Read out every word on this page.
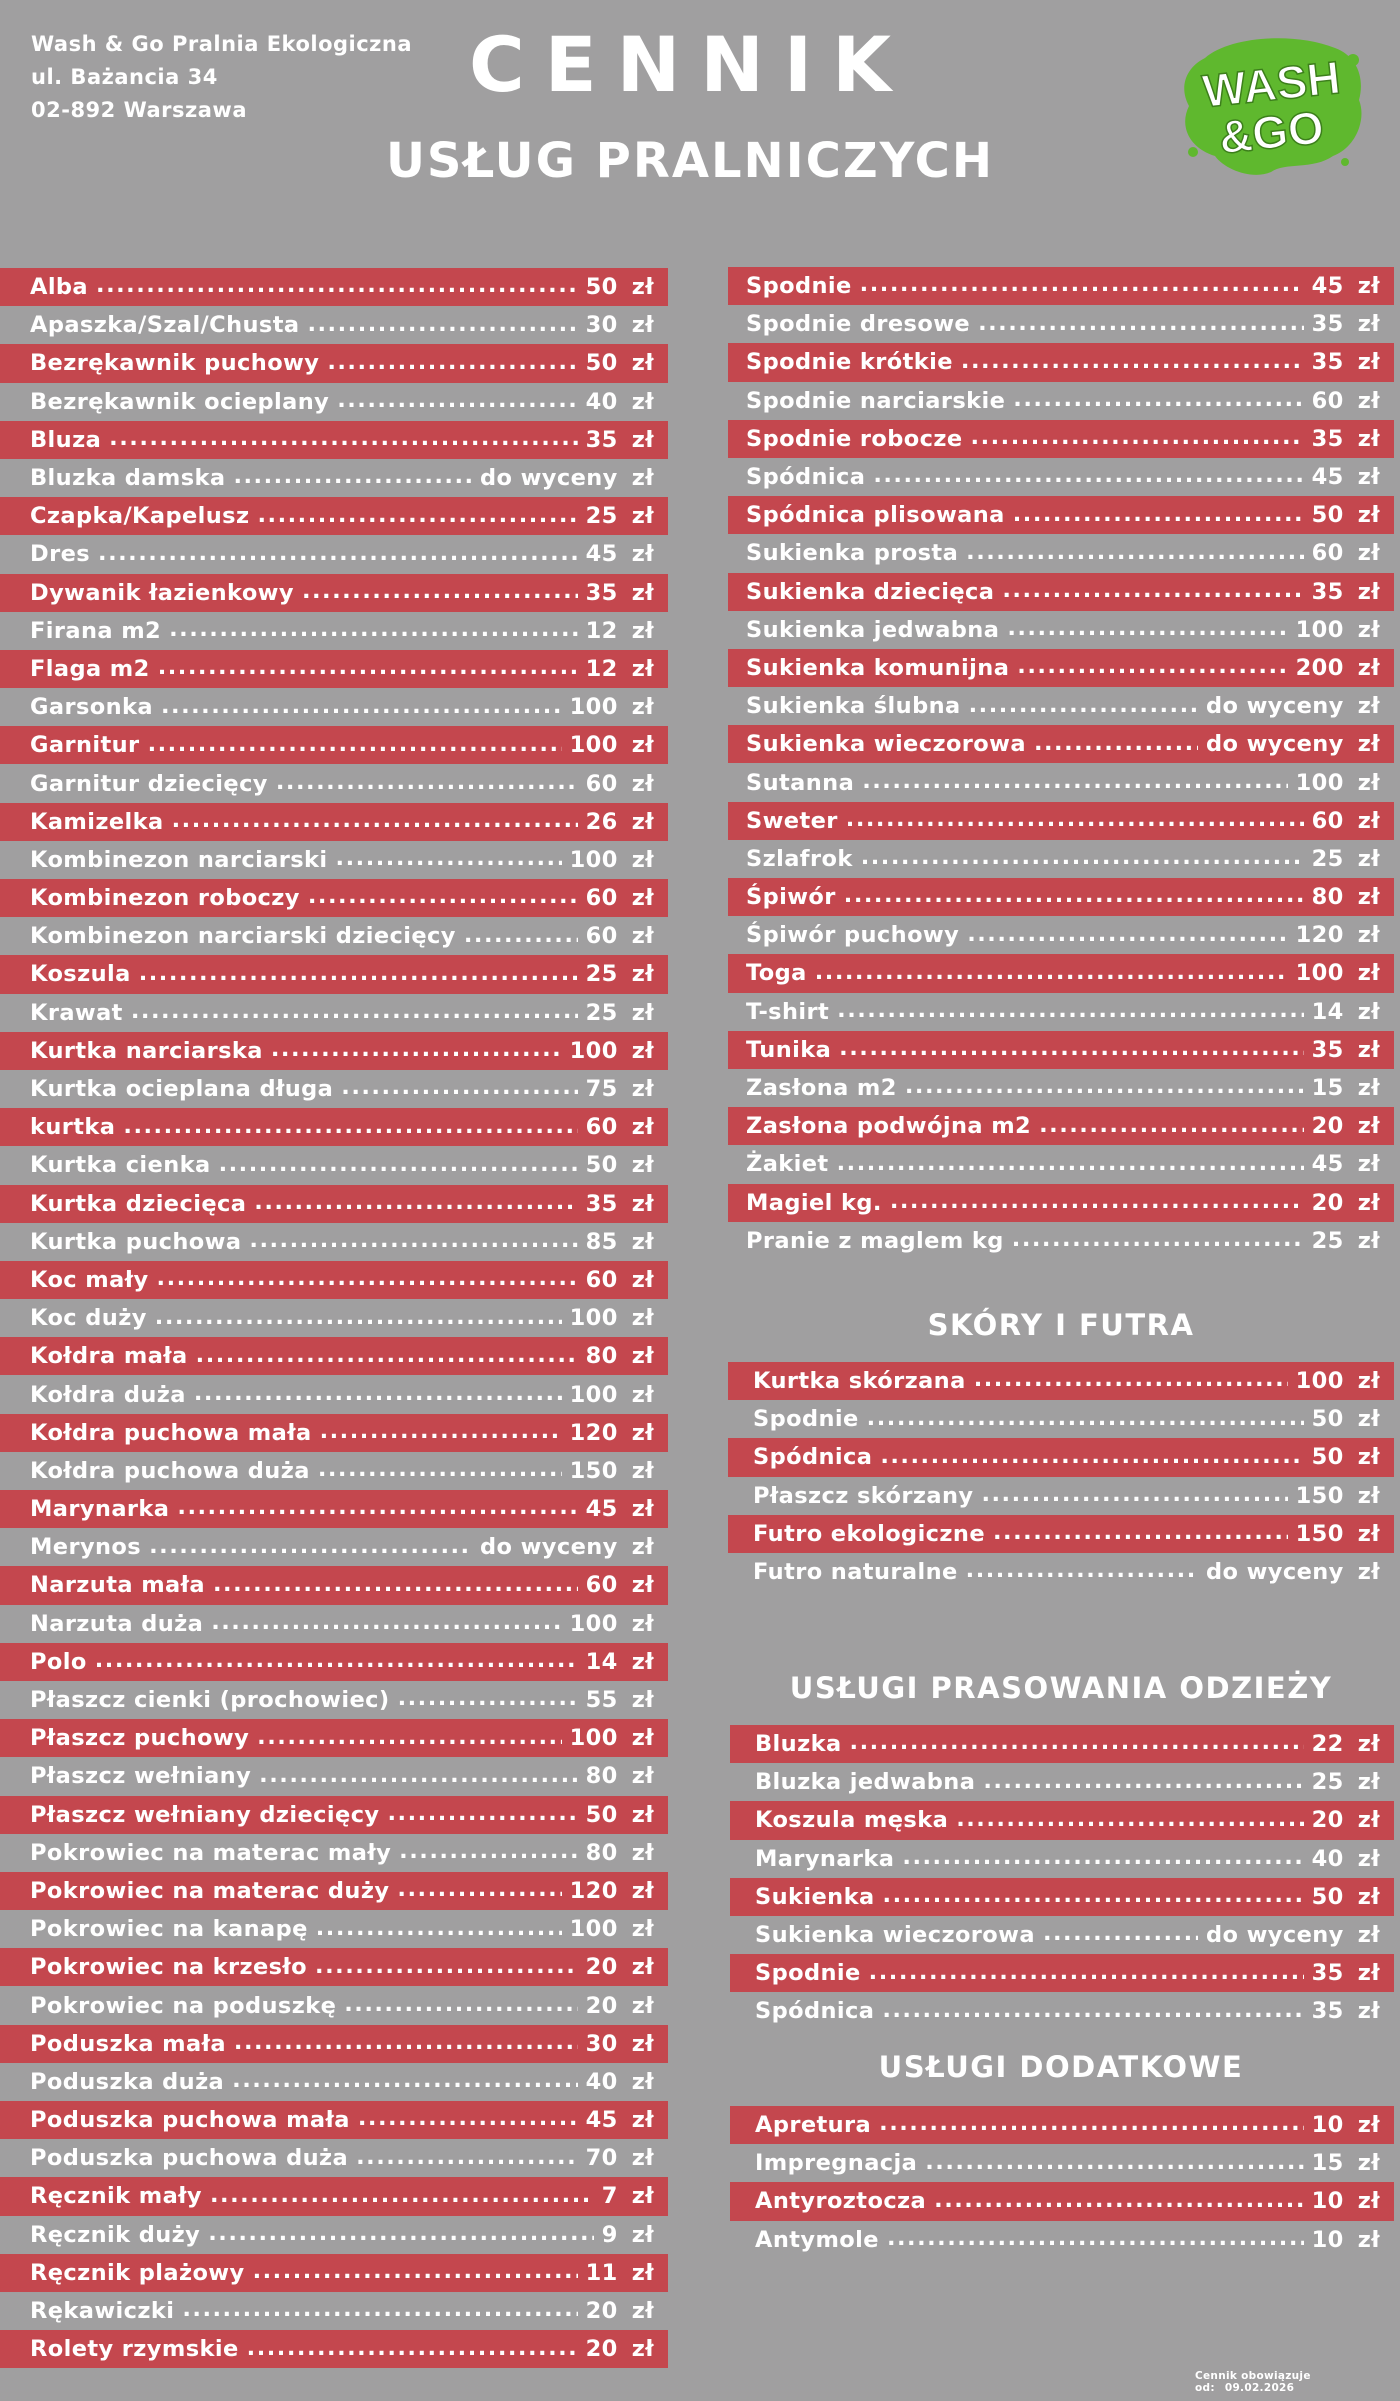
Wash & Go Pralnia Ekologiczna
ul. Bażancia 34
02-892 Warszawa
CENNIK
USŁUG PRALNICZYCH
WASH
&GO
Alba .....	50 zł
Apaszka/Szal/Chusta .....	30 zł
Bezrękawnik puchowy .....	50 zł
Bezrękawnik ocieplany .....	40 zł
Bluza .....	35 zł
Bluzka damska .....	do wyceny zł
Czapka/Kapelusz .....	25 zł
Dres .....	45 zł
Dywanik łazienkowy .....	35 zł
Firana m2 .....	12 zł
Flaga m2 .....	12 zł
Garsonka .....	100 zł
Garnitur .....	100 zł
Garnitur dziecięcy .....	60 zł
Kamizelka .....	26 zł
Kombinezon narciarski .....	100 zł
Kombinezon roboczy .....	60 zł
Kombinezon narciarski dziecięcy .....	60 zł
Koszula .....	25 zł
Krawat .....	25 zł
Kurtka narciarska .....	100 zł
Kurtka ocieplana długa .....	75 zł
kurtka .....	60 zł
Kurtka cienka .....	50 zł
Kurtka dziecięca .....	35 zł
Kurtka puchowa .....	85 zł
Koc mały .....	60 zł
Koc duży .....	100 zł
Kołdra mała .....	80 zł
Kołdra duża .....	100 zł
Kołdra puchowa mała .....	120 zł
Kołdra puchowa duża .....	150 zł
Marynarka .....	45 zł
Merynos .....	do wyceny zł
Narzuta mała .....	60 zł
Narzuta duża .....	100 zł
Polo .....	14 zł
Płaszcz cienki (prochowiec) .....	55 zł
Płaszcz puchowy .....	100 zł
Płaszcz wełniany .....	80 zł
Płaszcz wełniany dziecięcy .....	50 zł
Pokrowiec na materac mały .....	80 zł
Pokrowiec na materac duży .....	120 zł
Pokrowiec na kanapę .....	100 zł
Pokrowiec na krzesło .....	20 zł
Pokrowiec na poduszkę .....	20 zł
Poduszka mała .....	30 zł
Poduszka duża .....	40 zł
Poduszka puchowa mała .....	45 zł
Poduszka puchowa duża .....	70 zł
Ręcznik mały .....	7 zł
Ręcznik duży .....	9 zł
Ręcznik plażowy .....	11 zł
Rękawiczki .....	20 zł
Rolety rzymskie .....	20 zł
Spodnie .....	45 zł
Spodnie dresowe .....	35 zł
Spodnie krótkie .....	35 zł
Spodnie narciarskie .....	60 zł
Spodnie robocze .....	35 zł
Spódnica .....	45 zł
Spódnica plisowana .....	50 zł
Sukienka prosta .....	60 zł
Sukienka dziecięca .....	35 zł
Sukienka jedwabna .....	100 zł
Sukienka komunijna .....	200 zł
Sukienka ślubna .....	do wyceny zł
Sukienka wieczorowa .....	do wyceny zł
Sutanna .....	100 zł
Sweter .....	60 zł
Szlafrok .....	25 zł
Śpiwór .....	80 zł
Śpiwór puchowy .....	120 zł
Toga .....	100 zł
T-shirt .....	14 zł
Tunika .....	35 zł
Zasłona m2 .....	15 zł
Zasłona podwójna m2 .....	20 zł
Żakiet .....	45 zł
Magiel kg. .....	20 zł
Pranie z maglem kg .....	25 zł
SKÓRY I FUTRA
Kurtka skórzana .....	100 zł
Spodnie .....	50 zł
Spódnica .....	50 zł
Płaszcz skórzany .....	150 zł
Futro ekologiczne .....	150 zł
Futro naturalne .....	do wyceny zł
USŁUGI PRASOWANIA ODZIEŻY
Bluzka .....	22 zł
Bluzka jedwabna .....	25 zł
Koszula męska .....	20 zł
Marynarka .....	40 zł
Sukienka .....	50 zł
Sukienka wieczorowa .....	do wyceny zł
Spodnie .....	35 zł
Spódnica .....	35 zł
USŁUGI DODATKOWE
Apretura .....	10 zł
Impregnacja .....	15 zł
Antyroztocza .....	10 zł
Antymole .....	10 zł
Cennik obowiązuje od: 09.02.2026
